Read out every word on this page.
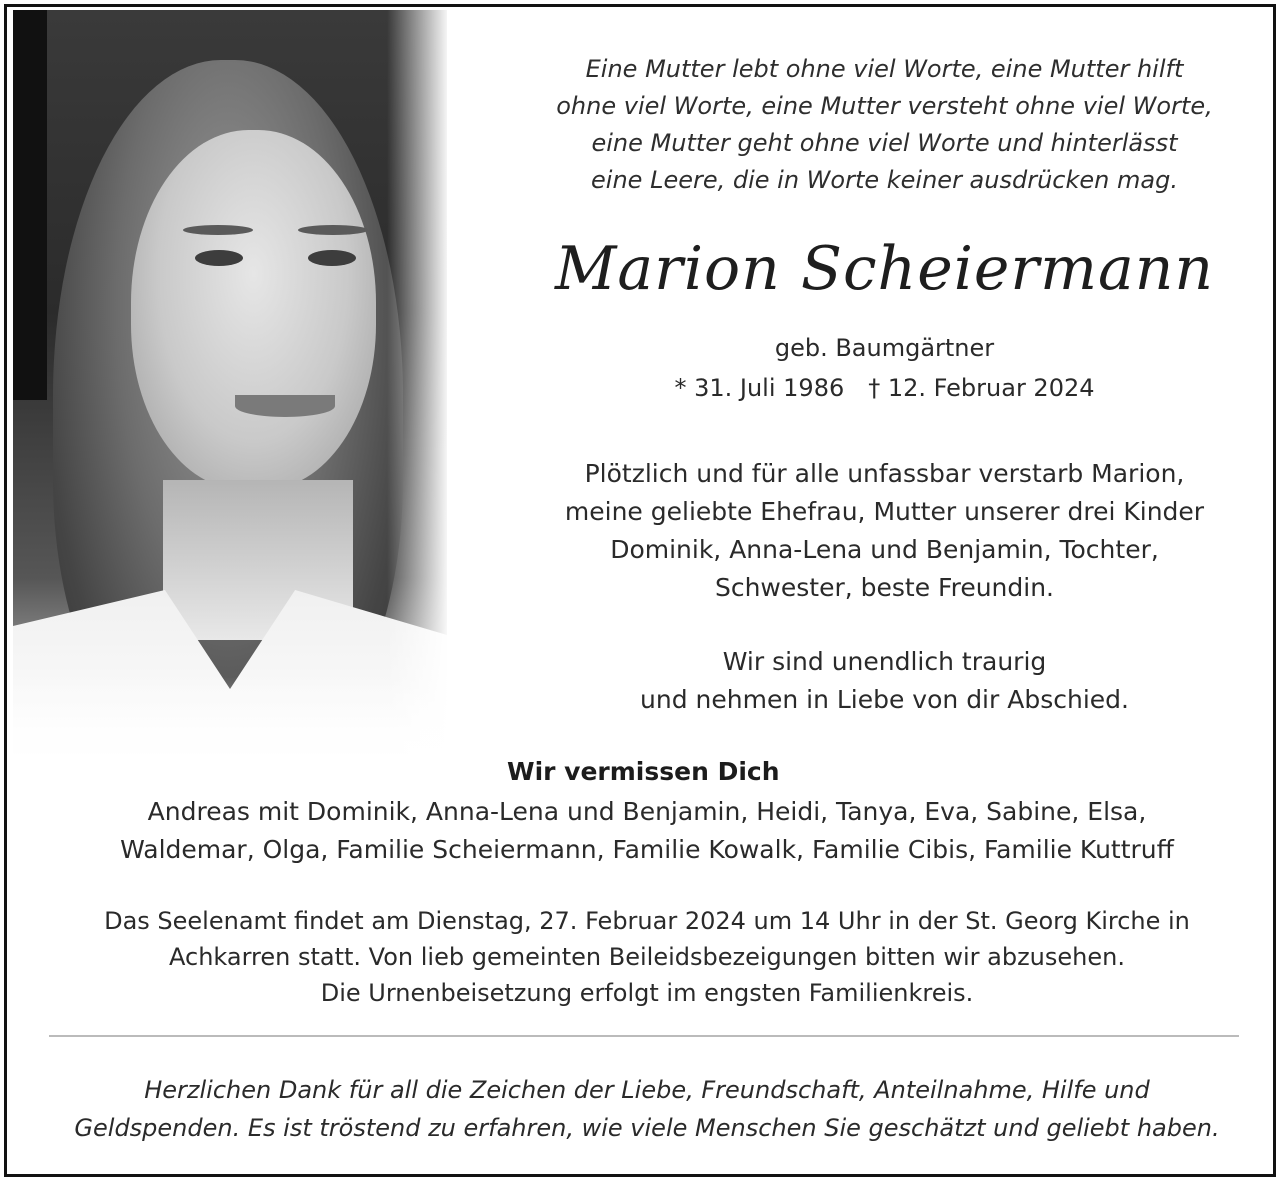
Eine Mutter lebt ohne viel Worte, eine Mutter hilft
ohne viel Worte, eine Mutter versteht ohne viel Worte,
eine Mutter geht ohne viel Worte und hinterlässt
eine Leere, die in Worte keiner ausdrücken mag.
Marion Scheiermann
geb. Baumgärtner
* 31. Juli 1986 † 12. Februar 2024
Plötzlich und für alle unfassbar verstarb Marion,
meine geliebte Ehefrau, Mutter unserer drei Kinder
Dominik, Anna-Lena und Benjamin, Tochter,
Schwester, beste Freundin.
Wir sind unendlich traurig
und nehmen in Liebe von dir Abschied.
Wir vermissen Dich
Andreas mit Dominik, Anna-Lena und Benjamin, Heidi, Tanya, Eva, Sabine, Elsa,
Waldemar, Olga, Familie Scheiermann, Familie Kowalk, Familie Cibis, Familie Kuttruff
Das Seelenamt findet am Dienstag, 27. Februar 2024 um 14 Uhr in der St. Georg Kirche in
Achkarren statt. Von lieb gemeinten Beileidsbezeigungen bitten wir abzusehen.
Die Urnenbeisetzung erfolgt im engsten Familienkreis.
Herzlichen Dank für all die Zeichen der Liebe, Freundschaft, Anteilnahme, Hilfe und
Geldspenden. Es ist tröstend zu erfahren, wie viele Menschen Sie geschätzt und geliebt haben.
